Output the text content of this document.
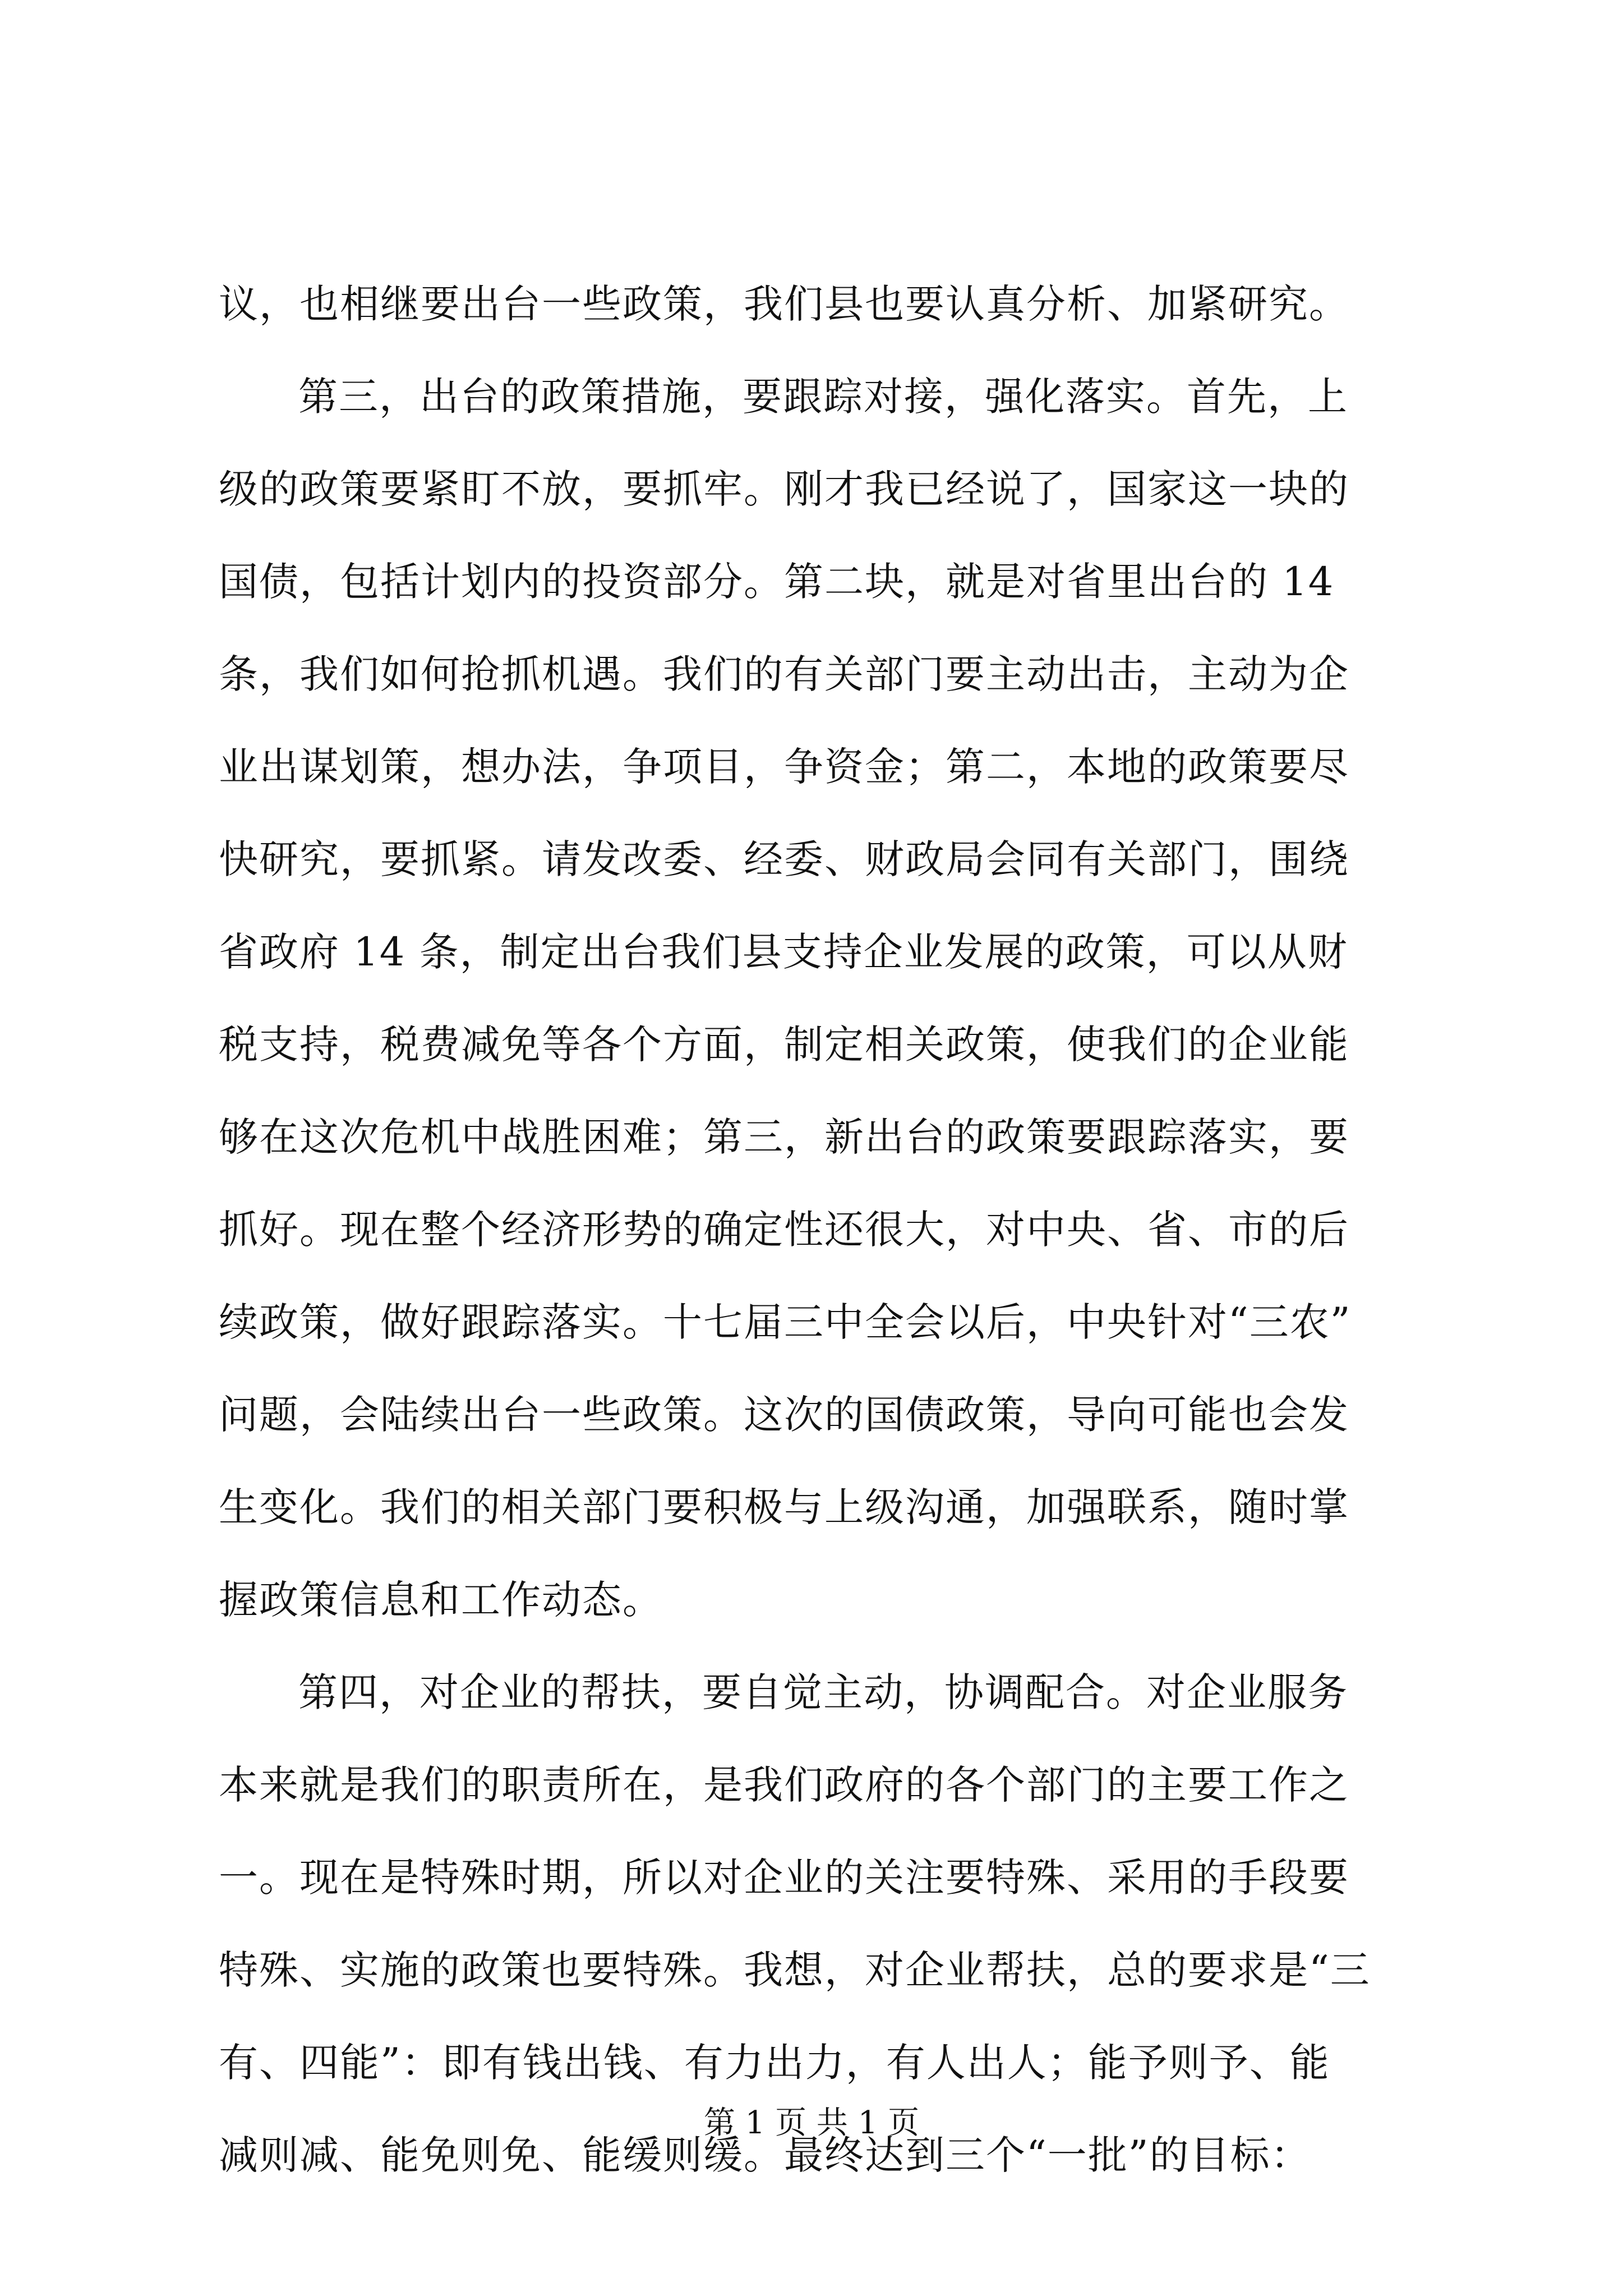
议，也相继要出台一些政策，我们县也要认真分析、加紧研究。
第三，出台的政策措施，要跟踪对接，强化落实。首先，上
级的政策要紧盯不放，要抓牢。刚才我已经说了，国家这一块的
国债，包括计划内的投资部分。第二块，就是对省里出台的 14
条，我们如何抢抓机遇。我们的有关部门要主动出击，主动为企
业出谋划策，想办法，争项目，争资金；第二，本地的政策要尽
快研究，要抓紧。请发改委、经委、财政局会同有关部门，围绕
省政府 14 条，制定出台我们县支持企业发展的政策，可以从财
税支持，税费减免等各个方面，制定相关政策，使我们的企业能
够在这次危机中战胜困难；第三，新出台的政策要跟踪落实，要
抓好。现在整个经济形势的确定性还很大，对中央、省、市的后
续政策，做好跟踪落实。十七届三中全会以后，中央针对“三农”
问题，会陆续出台一些政策。这次的国债政策，导向可能也会发
生变化。我们的相关部门要积极与上级沟通，加强联系，随时掌
握政策信息和工作动态。
第四，对企业的帮扶，要自觉主动，协调配合。对企业服务
本来就是我们的职责所在，是我们政府的各个部门的主要工作之
一。现在是特殊时期，所以对企业的关注要特殊、采用的手段要
特殊、实施的政策也要特殊。我想，对企业帮扶，总的要求是“三
有、四能”：即有钱出钱、有力出力，有人出人；能予则予、能
减则减、能免则免、能缓则缓。最终达到三个“一批”的目标：
第 1 页 共 1 页
